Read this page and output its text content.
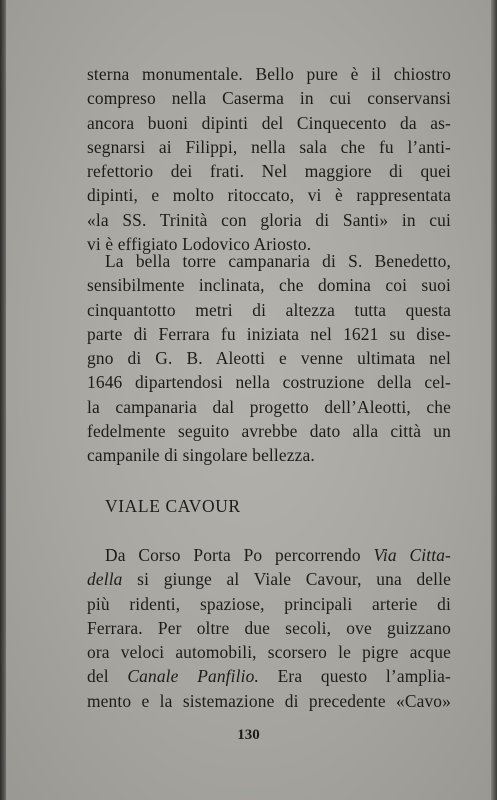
sterna monumentale. Bello pure è il chiostro
compreso nella Caserma in cui conservansi
ancora buoni dipinti del Cinquecento da as-
segnarsi ai Filippi, nella sala che fu l’anti-
refettorio dei frati. Nel maggiore di quei
dipinti, e molto ritoccato, vi è rappresentata
«la SS. Trinità con gloria di Santi» in cui
vi è effigiato Lodovico Ariosto.
La bella torre campanaria di S. Benedetto,
sensibilmente inclinata, che domina coi suoi
cinquantotto metri di altezza tutta questa
parte di Ferrara fu iniziata nel 1621 su dise-
gno di G. B. Aleotti e venne ultimata nel
1646 dipartendosi nella costruzione della cel-
la campanaria dal progetto dell’Aleotti, che
fedelmente seguito avrebbe dato alla città un
campanile di singolare bellezza.
VIALE CAVOUR
Da Corso Porta Po percorrendo Via Citta-
della si giunge al Viale Cavour, una delle
più ridenti, spaziose, principali arterie di
Ferrara. Per oltre due secoli, ove guizzano
ora veloci automobili, scorsero le pigre acque
del Canale Panfilio. Era questo l’amplia-
mento e la sistemazione di precedente «Cavo»
130
